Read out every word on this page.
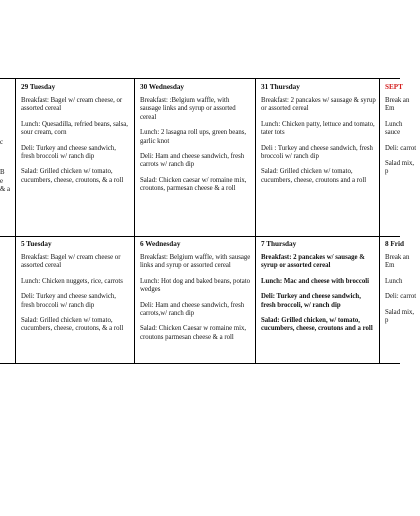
c
B
e
& a
29 Tuesday
Breakfast: Bagel w/ cream cheese, or assorted cereal
Lunch: Quesadilla, refried beans, salsa, sour cream, corn
Deli: Turkey and cheese sandwich, fresh broccoli w/ ranch dip
Salad: Grilled chicken w/ tomato, cucumbers, cheese, croutons, & a roll
30 Wednesday
Breakfast: :Belgium waffle, with sausage links and syrup or assorted cereal
Lunch: 2 lasagna roll ups, green beans, garlic knot
Deli: Ham and cheese sandwich, fresh carrots w/ ranch dip
Salad: Chicken caesar w/ romaine mix, croutons, parmesan cheese & a roll
31 Thursday
Breakfast: 2 pancakes w/ sausage & syrup or assorted cereal
Lunch: Chicken patty, lettuce and tomato, tater tots
Deli : Turkey and cheese sandwich, fresh broccoli w/ ranch dip
Salad: Grilled chicken w/ tomato, cucumbers, cheese, croutons and a roll
SEPT
Break an Em
Lunch sauce
Deli: carrot
Salad mix, p
5 Tuesday
Breakfast: Bagel w/ cream cheese or assorted cereal
Lunch: Chicken nuggets, rice, carrots
Deli: Turkey and cheese sandwich, fresh broccoli w/ ranch dip
Salad: Grilled chicken w/ tomato, cucumbers, cheese, croutons, & a roll
6 Wednesday
Breakfast: Belgium waffle, with sausage links and syrup or assorted cereal
Lunch: Hot dog and baked beans, potato wedges
Deli: Ham and cheese sandwich, fresh carrots,w/ ranch dip
Salad: Chicken Caesar w romaine mix, croutons parmesan cheese & a roll
7 Thursday
Breakfast: 2 pancakes w/ sausage & syrup or assorted cereal
Lunch: Mac and cheese with broccoli
Deli: Turkey and cheese sandwich, fresh broccoli, w/ ranch dip
Salad: Grilled chicken, w/ tomato, cucumbers, cheese, croutons and a roll
8 Frid
Break an Em
Lunch
Deli: carrot
Salad mix, p
